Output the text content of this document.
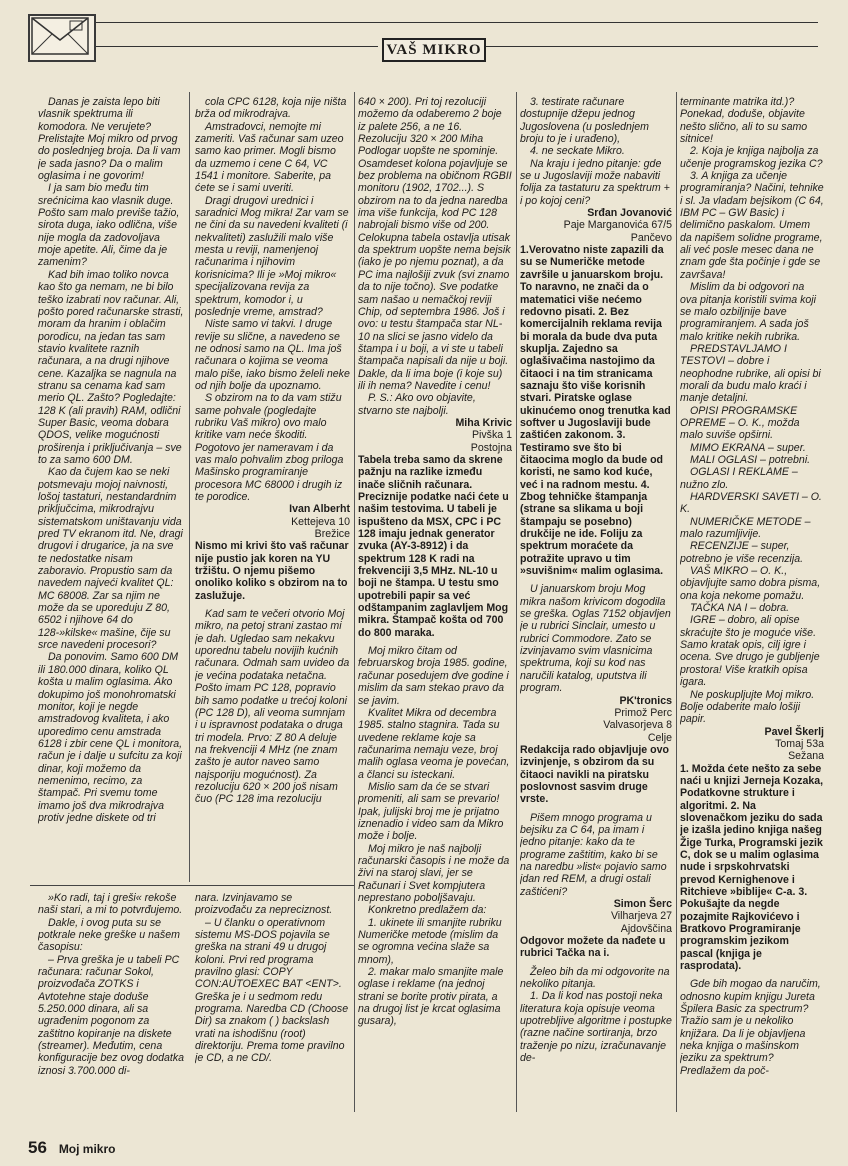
VAŠ MIKRO

Danas je zaista lepo biti vlasnik spektruma ili komodora. Ne verujete? Prelistajte Moj mikro od prvog do poslednjeg broja. Da li vam je sada jasno? Da o malim oglasima i ne govorim!

I ja sam bio među tim srećnicima kao vlasnik duge. Pošto sam malo previše tažio, sirota duga, iako odlična, više nije mogla da zadovoljava moje apetite. Ali, čime da je zamenim?

Kad bih imao toliko novca kao što ga nemam, ne bi bilo teško izabrati nov računar. Ali, pošto pored računarske strasti, moram da hranim i oblačim porodicu, na jedan tas sam stavio kvalitete raznih računara, a na drugi njihove cene. Kazaljka se nagnula na stranu sa cenama kad sam merio QL. Zašto? Pogledajte: 128 K (ali pravih) RAM, odlični Super Basic, veoma dobara QDOS, velike mogućnosti proširenja i priključivanja – sve to za samo 600 DM.

Kao da čujem kao se neki potsmevaju mojoj naivnosti, lošoj tastaturi, nestandardnim priključcima, mikrodrajvu sistematskom uništavanju vida pred TV ekranom itd. Ne, dragi drugovi i drugarice, ja na sve te nedostatke nisam zaboravio. Propustio sam da navedem najveći kvalitet QL: MC 68008. Zar sa njim ne može da se uporeduju Z 80, 6502 i njihove 64 do 128-»kilske« mašine, čije su srce navedeni procesori?

Da ponovim. Samo 600 DM ili 180.000 dinara, koliko QL košta u malim oglasima. Ako dokupimo još monohromatski monitor, koji je negde amstradovog kvaliteta, i ako uporedimo cenu amstrada 6128 i zbir cene QL i monitora, račun je i dalje u sufcitu za koji dinar, koji možemo da nemenimo, recimo, za štampač. Pri svemu tome imamo još dva mikrodrajva protiv jedne diskete od tri

cola CPC 6128, koja nije ništa brža od mikrodrajva.

Amstradovci, nemojte mi zameriti. Vaš računar sam uzeo samo kao primer. Mogli bismo da uzmemo i cene C 64, VC 1541 i monitore. Saberite, pa ćete se i sami uveriti.

Dragi drugovi urednici i saradnici Mog mikra! Zar vam se ne čini da su navedeni kvaliteti (i nekvaliteti) zaslužili malo više mesta u reviji, namenjenoj računarima i njihovim korisnicima? Ili je »Moj mikro« specijalizovana revija za spektrum, komodor i, u poslednje vreme, amstrad?

Niste samo vi takvi. I druge revije su slične, a navedeno se ne odnosi samo na QL. Ima još računara o kojima se veoma malo piše, iako bismo želeli neke od njih bolje da upoznamo.

S obzirom na to da vam stižu same pohvale (pogledajte rubriku Vaš mikro) ovo malo kritike vam neće škoditi. Pogotovo jer nameravam i da vas malo pohvalim zbog priloga Mašinsko programiranje procesora MC 68000 i drugih iz te porodice.

Ivan Alberht

Kettejeva 10

Brežice

Nismo mi krivi što vaš računar nije pustio jak koren na YU tržištu. O njemu pišemo onoliko koliko s obzirom na to zaslužuje.

Kad sam te večeri otvorio Moj mikro, na petoj strani zastao mi je dah. Ugledao sam nekakvu uporednu tabelu novijih kućnih računara. Odmah sam uvideo da je većina podataka netačna. Pošto imam PC 128, popravio bih samo podatke u trećoj koloni (PC 128 D), ali veoma sumnjam i u ispravnost podataka o druga tri modela. Prvo: Z 80 A deluje na frekvenciji 4 MHz (ne znam zašto je autor naveo samo najsporiju mogućnost). Za rezoluciju 620 × 200 još nisam čuo (PC 128 ima rezoluciju

640 × 200). Pri toj rezoluciji možemo da odaberemo 2 boje iz palete 256, a ne 16. Rezoluciju 320 × 200 Miha Podlogar uopšte ne spominje. Osamdeset kolona pojavljuje se bez problema na običnom RGBII monitoru (1902, 1702...). S obzirom na to da jedna naredba ima više funkcija, kod PC 128 nabrojali bismo više od 200. Celokupna tabela ostavlja utisak da spektrum uopšte nema bejsik (iako je po njemu poznat), a da PC ima najlošiji zvuk (svi znamo da to nije točno). Sve podatke sam našao u nemačkoj reviji Chip, od septembra 1986. Još i ovo: u testu štampača star NL-10 na slici se jasno videlo da štampa i u boji, a vi ste u tabeli štampača napisali da nije u boji. Dakle, da li ima boje (i koje su) ili ih nema? Navedite i cenu!

P. S.: Ako ovo objavite, stvarno ste najbolji.

Miha Krivic

Pivška 1

Postojna

Tabela treba samo da skrene pažnju na razlike između inače sličnih računara. Preciznije podatke naći ćete u našim testovima. U tabeli je ispušteno da MSX, CPC i PC 128 imaju jednak generator zvuka (AY-3-8912) i da spektrum 128 K radi na frekvenciji 3,5 MHz. NL-10 u boji ne štampa. U testu smo upotrebili papir sa već odštampanim zaglavljem Mog mikra. Štampač košta od 700 do 800 maraka.

Moj mikro čitam od februarskog broja 1985. godine, računar posedujem dve godine i mislim da sam stekao pravo da se javim.

Kvalitet Mikra od decembra 1985. stalno stagnira. Tada su uvedene reklame koje sa računarima nemaju veze, broj malih oglasa veoma je povećan, a članci su isteckani.

Mislio sam da će se stvari promeniti, ali sam se prevario! Ipak, julijski broj me je prijatno iznenadio i video sam da Mikro može i bolje.

Moj mikro je naš najbolji računarski časopis i ne može da živi na staroj slavi, jer se Računari i Svet kompjutera neprestano poboljšavaju.

Konkretno predlažem da:

1. ukinete ili smanjite rubriku Numeričke metode (mislim da se ogromna većina slaže sa mnom),

2. makar malo smanjite male oglase i reklame (na jednoj strani se borite protiv pirata, a na drugoj list je krcat oglasima gusara),

3. testirate računare dostupnije džepu jednog Jugoslovena (u poslednjem broju to je i urađeno),

4. ne seckate Mikro.

Na kraju i jedno pitanje: gde se u Jugoslaviji može nabaviti folija za tastaturu za spektrum + i po kojoj ceni?

Srđan Jovanović

Paje Marganovića 67/5

Pančevo

1.Verovatno niste zapazili da su se Numeričke metode završile u januarskom broju. To naravno, ne znači da o matematici više nećemo redovno pisati. 2. Bez komercijalnih reklama revija bi morala da bude dva puta skuplja. Zajedno sa oglašivačima nastojimo da čitaoci i na tim stranicama saznaju što više korisnih stvari. Piratske oglase ukinućemo onog trenutka kad softver u Jugoslaviji bude zaštićen zakonom. 3. Testiramo sve što bi čitaocima moglo da bude od koristi, ne samo kod kuće, već i na radnom mestu. 4. Zbog tehničke štampanja (strane sa slikama u boji štampaju se posebno) drukčije ne ide. Foliju za spektrum moraćete da potražite upravo u tim »suvišnim« malim oglasima.

U januarskom broju Mog mikra našom krivicom dogodila se greška. Oglas 7152 objavljen je u rubrici Sinclair, umesto u rubrici Commodore. Zato se izvinjavamo svim vlasnicima spektruma, koji su kod nas naručili katalog, uputstva ili program.

PK'tronics

Primož Perc

Valvasorjeva 8

Celje

Redakcija rado objavljuje ovo izvinjenje, s obzirom da su čitaoci navikli na piratsku poslovnost sasvim druge vrste.

Pišem mnogo programa u bejsiku za C 64, pa imam i jedno pitanje: kako da te programe zaštitim, kako bi se na naredbu »list« pojavio samo jdan red REM, a drugi ostali zaštićeni?

Simon Šerc

Vilharjeva 27

Ajdovščina

Odgovor možete da nađete u rubrici Tačka na i.

Želeo bih da mi odgovorite na nekoliko pitanja.

1. Da li kod nas postoji neka literatura koja opisuje veoma upotrebljive algoritme i postupke (razne načine sortiranja, brzo traženje po nizu, izračunavanje de-

terminante matrika itd.)? Ponekad, doduše, objavite nešto slično, ali to su samo sitnice!

2. Koja je knjiga najbolja za učenje programskog jezika C?

3. A knjiga za učenje programiranja? Načini, tehnike i sl. Ja vladam bejsikom (C 64, IBM PC – GW Basic) i delimično paskalom. Umem da napišem solidne programe, ali već posle mesec dana ne znam gde šta počinje i gde se završava!

Mislim da bi odgovori na ova pitanja koristili svima koji se malo ozbiljnije bave programiranjem. A sada još malo kritike nekih rubrika.

PREDSTAVLJAMO I TESTOVI – dobre i neophodne rubrike, ali opisi bi morali da budu malo kraći i manje detaljni.

OPISI PROGRAMSKE OPREME – O. K., možda malo suviše opširni.

MIMO EKRANA – super.

MALI OGLASI – potrebni.

OGLASI I REKLAME – nužno zlo.

HARDVERSKI SAVETI – O. K.

NUMERIČKE METODE – malo razumljivije.

RECENZIJE – super, potrebno je više recenzija.

VAŠ MIKRO – O. K., objavljujte samo dobra pisma, ona koja nekome pomažu.

TAČKA NA I – dobra.

IGRE – dobro, ali opise skraćujte što je moguće više. Samo kratak opis, cilj igre i ocena. Sve drugo je gubljenje prostora! Više kratkih opisa igara.

Ne poskupljujte Moj mikro. Bolje odaberite malo lošiji papir.

Pavel Škerlj

Tomaj 53a

Sežana

1. Možda ćete nešto za sebe naći u knjizi Jerneja Kozaka, Podatkovne strukture i algoritmi. 2. Na slovenačkom jeziku do sada je izašla jedino knjiga našeg Žige Turka, Programski jezik C, dok se u malim oglasima nude i srpskohrvatski prevod Kernighenove i Ritchieve »biblije« C-a. 3. Pokušajte da negde pozajmite Rajkovićevo i Bratkovo Programiranje programskim jezikom pascal (knjiga je rasprodata).

Gde bih mogao da naručim, odnosno kupim knjigu Jureta Špilera Basic za spectrum? Tražio sam je u nekoliko knjižara. Da li je objavljena neka knjiga o mašinskom jeziku za spektrum? Predlažem da poč-

»Ko radi, taj i greši« rekoše naši stari, a mi to potvrđujemo.

Dakle, i ovog puta su se potkrale neke greške u našem časopisu:

– Prva greška je u tabeli PC računara: računar Sokol, proizvođača ZOTKS i Avtotehne staje doduše 5.250.000 dinara, ali sa ugrađenim pogonom za zaštitno kopiranje na diskete (streamer). Međutim, cena konfiguracije bez ovog dodatka iznosi 3.700.000 di-

nara. Izvinjavamo se proizvođaču za nepreciznost.

– U članku o operativnom sistemu MS-DOS pojavila se greška na strani 49 u drugoj koloni. Prvi red programa pravilno glasi: COPY CON:AUTOEXEC BAT <ENT>. Greška je i u sedmom redu programa. Naredba CD (Choose Dir) sa znakom ( ) backslash vrati na ishodišnu (root) direktoriju. Prema tome pravilno je CD, a ne CD/.

56 Moj mikro
